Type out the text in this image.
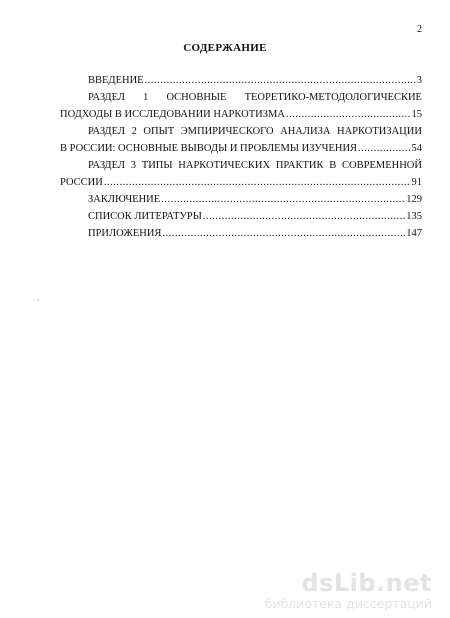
2
СОДЕРЖАНИЕ
ВВЕДЕНИЕ .....	3
РАЗДЕЛ 1 ОСНОВНЫЕ ТЕОРЕТИКО-МЕТОДОЛОГИЧЕСКИЕ
ПОДХОДЫ В ИССЛЕДОВАНИИ НАРКОТИЗМА .....	15
РАЗДЕЛ 2 ОПЫТ ЭМПИРИЧЕСКОГО АНАЛИЗА НАРКОТИЗАЦИИ
В РОССИИ: ОСНОВНЫЕ ВЫВОДЫ И ПРОБЛЕМЫ ИЗУЧЕНИЯ .....	54
РАЗДЕЛ 3 ТИПЫ НАРКОТИЧЕСКИХ ПРАКТИК В СОВРЕМЕННОЙ
РОССИИ .....	91
ЗАКЛЮЧЕНИЕ .....	129
СПИСОК ЛИТЕРАТУРЫ .....	135
ПРИЛОЖЕНИЯ .....	147
'
dsLib.net
библиотека диссертаций
